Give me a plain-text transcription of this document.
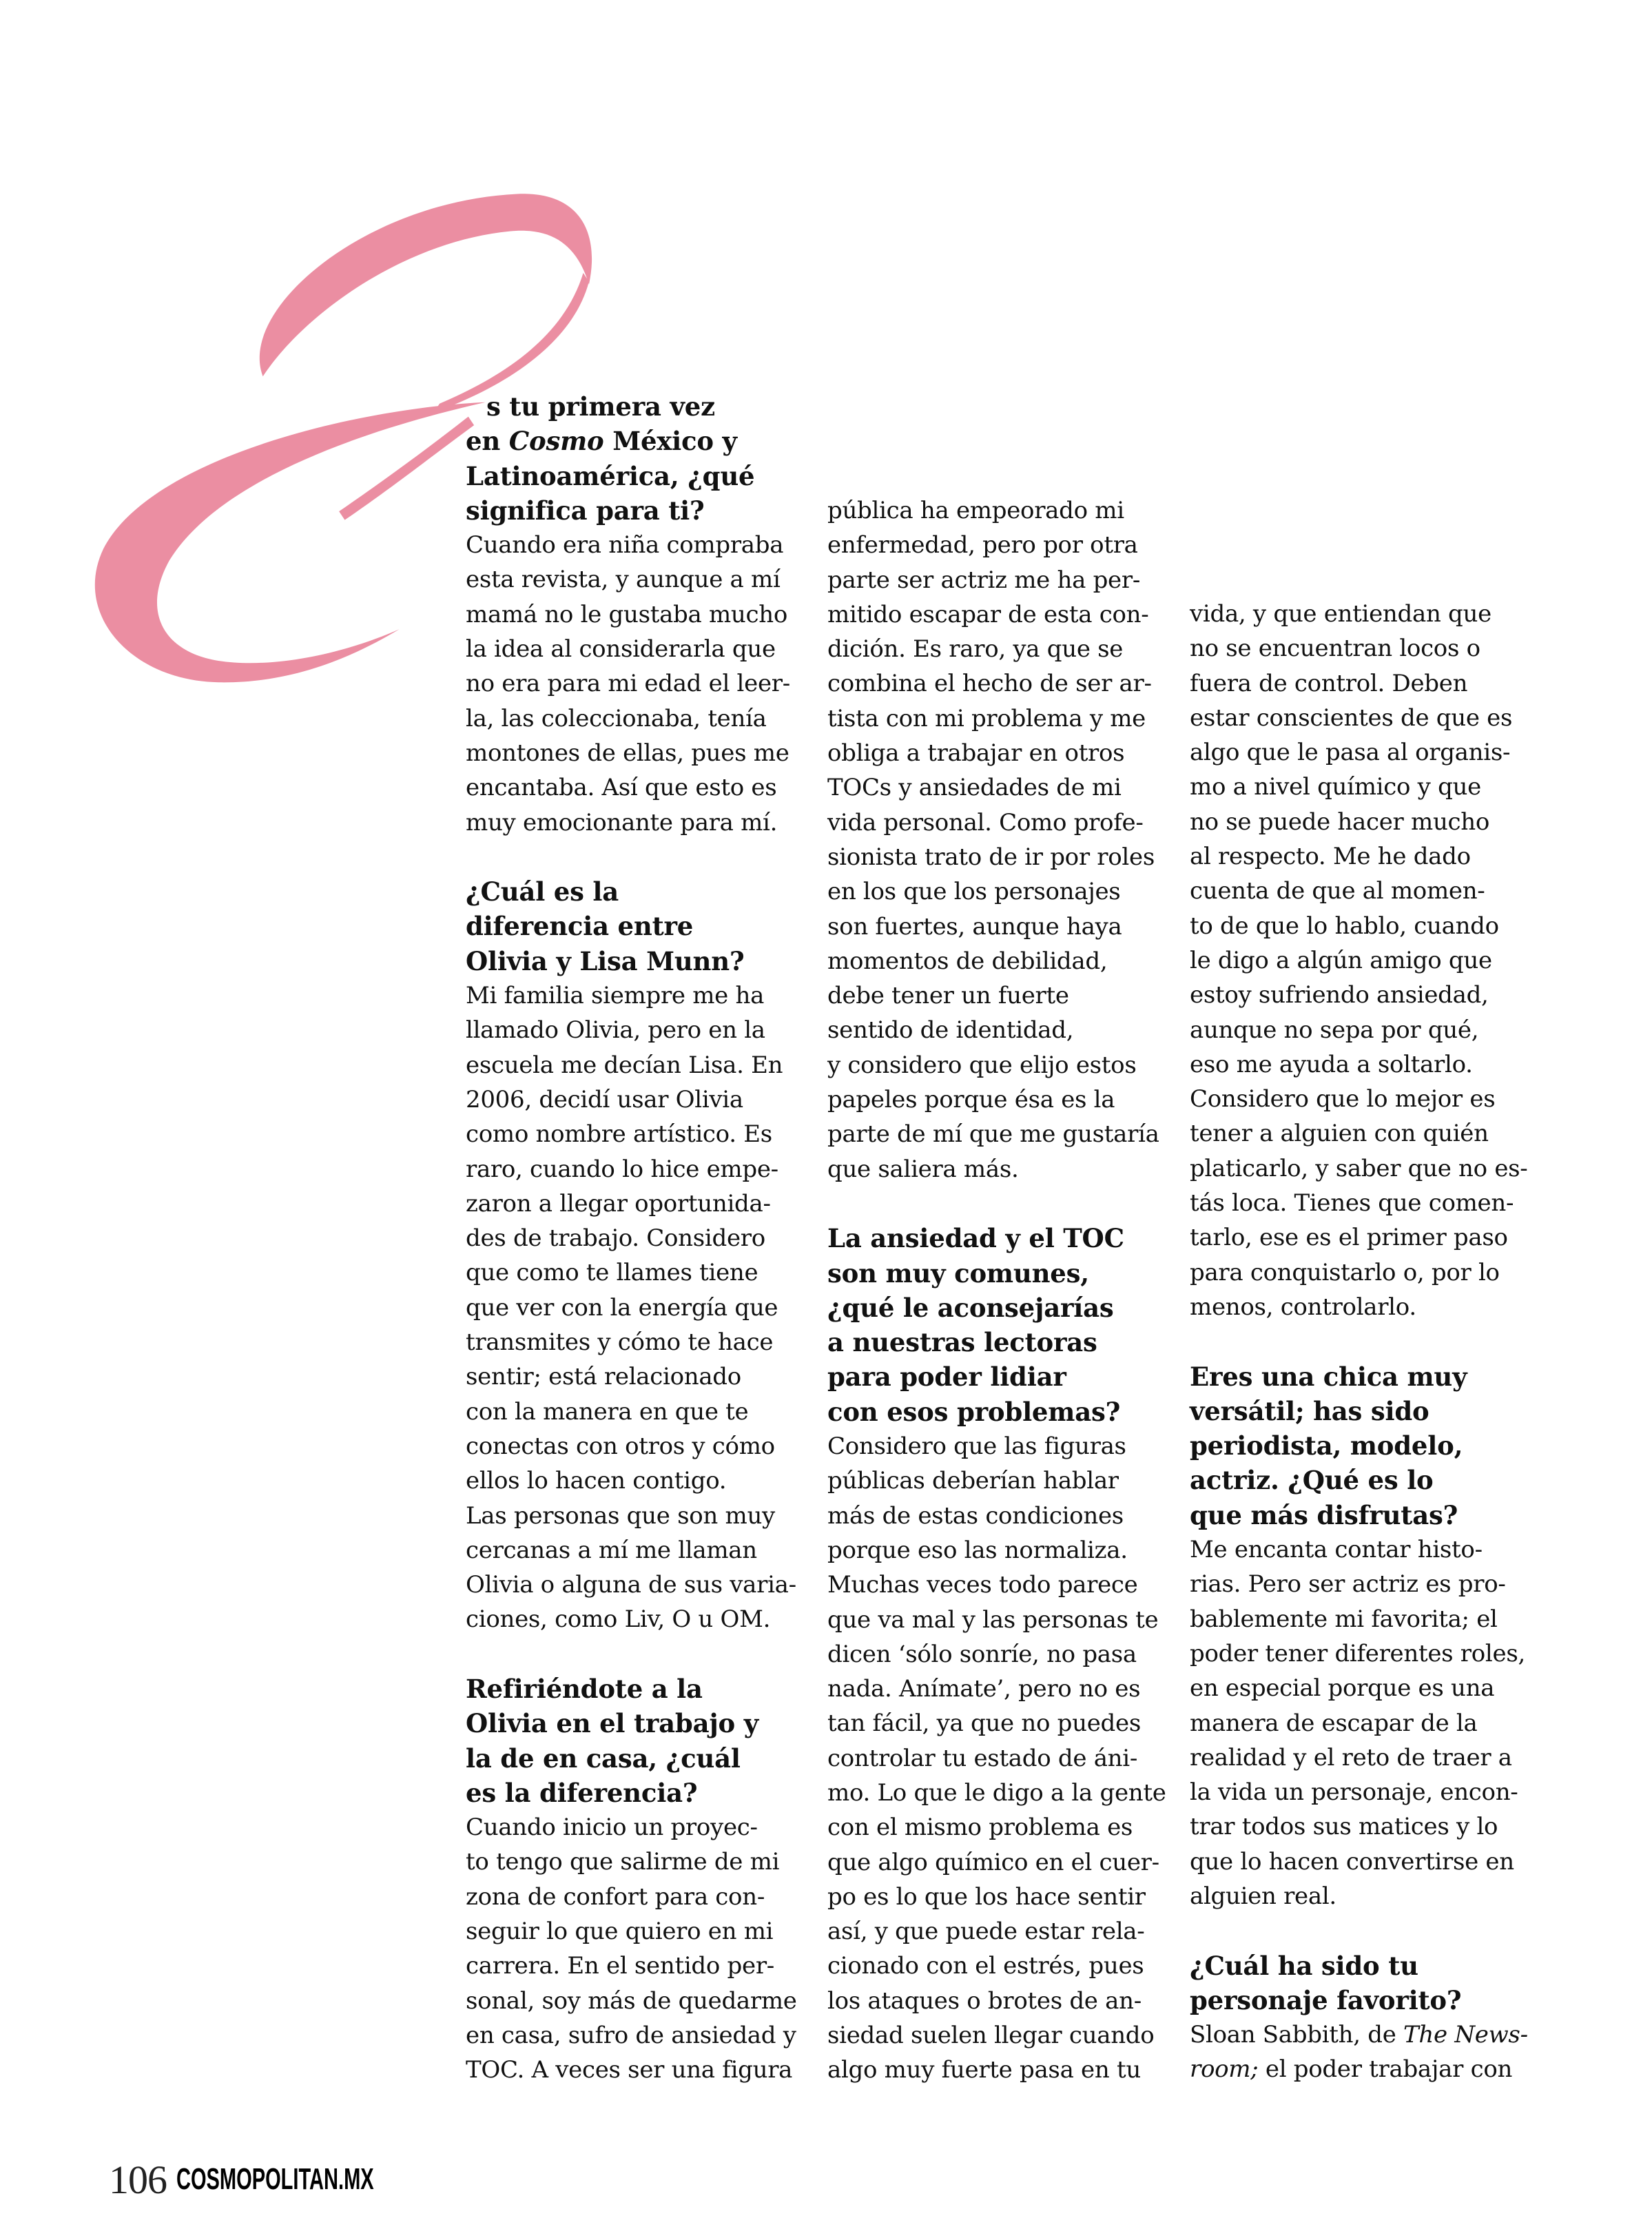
s tu primera vez
en Cosmo México y
Latinoamérica, ¿qué
significa para ti?
Cuando era niña compraba
esta revista, y aunque a mí
mamá no le gustaba mucho
la idea al considerarla que
no era para mi edad el leer-
la, las coleccionaba, tenía
montones de ellas, pues me
encantaba. Así que esto es
muy emocionante para mí.
¿Cuál es la
diferencia entre
Olivia y Lisa Munn?
Mi familia siempre me ha
llamado Olivia, pero en la
escuela me decían Lisa. En
2006, decidí usar Olivia
como nombre artístico. Es
raro, cuando lo hice empe-
zaron a llegar oportunida-
des de trabajo. Considero
que como te llames tiene
que ver con la energía que
transmites y cómo te hace
sentir; está relacionado
con la manera en que te
conectas con otros y cómo
ellos lo hacen contigo.
Las personas que son muy
cercanas a mí me llaman
Olivia o alguna de sus varia-
ciones, como Liv, O u OM.
Refiriéndote a la
Olivia en el trabajo y
la de en casa, ¿cuál
es la diferencia?
Cuando inicio un proyec-
to tengo que salirme de mi
zona de confort para con-
seguir lo que quiero en mi
carrera. En el sentido per-
sonal, soy más de quedarme
en casa, sufro de ansiedad y
TOC. A veces ser una figura
pública ha empeorado mi
enfermedad, pero por otra
parte ser actriz me ha per-
mitido escapar de esta con-
dición. Es raro, ya que se
combina el hecho de ser ar-
tista con mi problema y me
obliga a trabajar en otros
TOCs y ansiedades de mi
vida personal. Como profe-
sionista trato de ir por roles
en los que los personajes
son fuertes, aunque haya
momentos de debilidad,
debe tener un fuerte
sentido de identidad,
y considero que elijo estos
papeles porque ésa es la
parte de mí que me gustaría
que saliera más.
La ansiedad y el TOC
son muy comunes,
¿qué le aconsejarías
a nuestras lectoras
para poder lidiar
con esos problemas?
Considero que las figuras
públicas deberían hablar
más de estas condiciones
porque eso las normaliza.
Muchas veces todo parece
que va mal y las personas te
dicen ‘sólo sonríe, no pasa
nada. Anímate’, pero no es
tan fácil, ya que no puedes
controlar tu estado de áni-
mo. Lo que le digo a la gente
con el mismo problema es
que algo químico en el cuer-
po es lo que los hace sentir
así, y que puede estar rela-
cionado con el estrés, pues
los ataques o brotes de an-
siedad suelen llegar cuando
algo muy fuerte pasa en tu
vida, y que entiendan que
no se encuentran locos o
fuera de control. Deben
estar conscientes de que es
algo que le pasa al organis-
mo a nivel químico y que
no se puede hacer mucho
al respecto. Me he dado
cuenta de que al momen-
to de que lo hablo, cuando
le digo a algún amigo que
estoy sufriendo ansiedad,
aunque no sepa por qué,
eso me ayuda a soltarlo.
Considero que lo mejor es
tener a alguien con quién
platicarlo, y saber que no es-
tás loca. Tienes que comen-
tarlo, ese es el primer paso
para conquistarlo o, por lo
menos, controlarlo.
Eres una chica muy
versátil; has sido
periodista, modelo,
actriz. ¿Qué es lo
que más disfrutas?
Me encanta contar histo-
rias. Pero ser actriz es pro-
bablemente mi favorita; el
poder tener diferentes roles,
en especial porque es una
manera de escapar de la
realidad y el reto de traer a
la vida un personaje, encon-
trar todos sus matices y lo
que lo hacen convertirse en
alguien real.
¿Cuál ha sido tu
personaje favorito?
Sloan Sabbith, de The News-
room; el poder trabajar con
106 COSMOPOLITAN.MX
